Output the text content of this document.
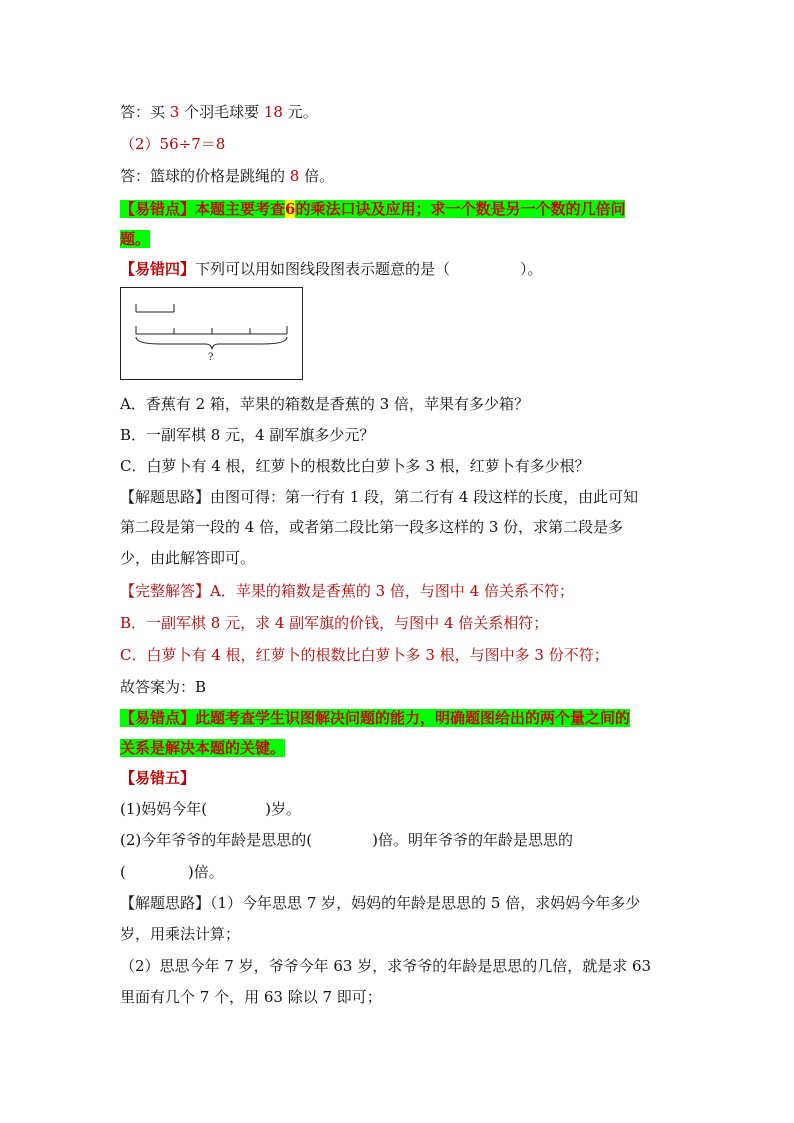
答：买 3 个羽毛球要 18 元。
（2）56÷7＝8
答：篮球的价格是跳绳的 8 倍。
【易错点】本题主要考查6的乘法口诀及应用；求一个数是另一个数的几倍问
题。
【易错四】下列可以用如图线段图表示题意的是（	）。
?
A．香蕉有 2 箱，苹果的箱数是香蕉的 3 倍，苹果有多少箱？
B．一副军棋 8 元，4 副军旗多少元？
C．白萝卜有 4 根，红萝卜的根数比白萝卜多 3 根，红萝卜有多少根？
【解题思路】由图可得：第一行有 1 段，第二行有 4 段这样的长度，由此可知
第二段是第一段的 4 倍，或者第二段比第一段多这样的 3 份，求第二段是多
少，由此解答即可。
【完整解答】A．苹果的箱数是香蕉的 3 倍，与图中 4 倍关系不符；
B．一副军棋 8 元，求 4 副军旗的价钱，与图中 4 倍关系相符；
C．白萝卜有 4 根，红萝卜的根数比白萝卜多 3 根，与图中多 3 份不符；
故答案为：B
【易错点】此题考查学生识图解决问题的能力，明确题图给出的两个量之间的
关系是解决本题的关键。
【易错五】
(1)妈妈今年(	)岁。
(2)今年爷爷的年龄是思思的(	)倍。明年爷爷的年龄是思思的
(	)倍。
【解题思路】（1）今年思思 7 岁，妈妈的年龄是思思的 5 倍，求妈妈今年多少
岁，用乘法计算；
（2）思思今年 7 岁，爷爷今年 63 岁，求爷爷的年龄是思思的几倍，就是求 63
里面有几个 7 个，用 63 除以 7 即可；
